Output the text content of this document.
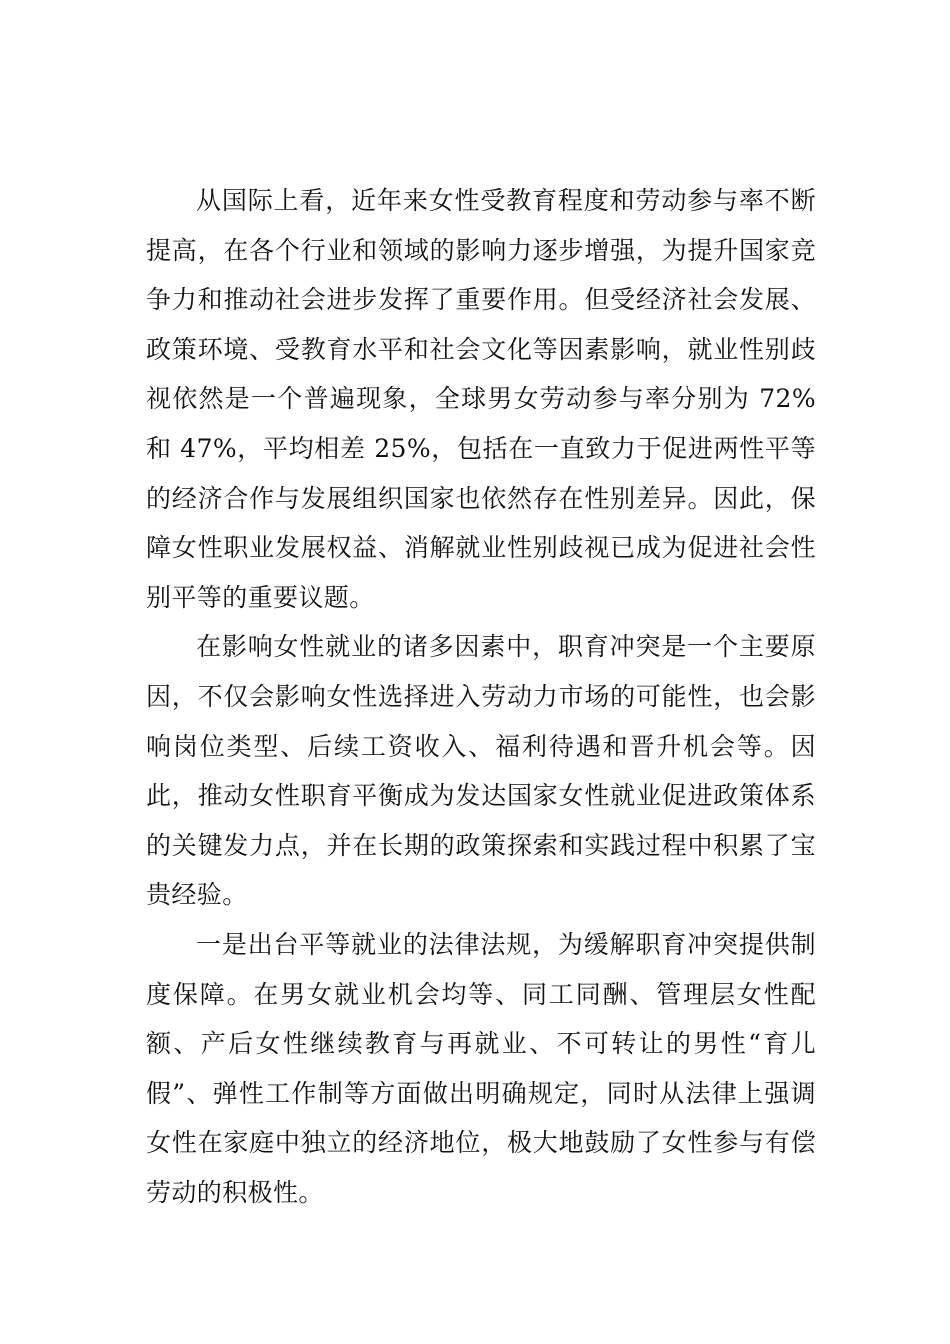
从国际上看，近年来女性受教育程度和劳动参与率不断提高，在各个行业和领域的影响力逐步增强，为提升国家竞争力和推动社会进步发挥了重要作用。但受经济社会发展、政策环境、受教育水平和社会文化等因素影响，就业性别歧视依然是一个普遍现象，全球男女劳动参与率分别为 72%和 47%，平均相差 25%，包括在一直致力于促进两性平等的经济合作与发展组织国家也依然存在性别差异。因此，保障女性职业发展权益、消解就业性别歧视已成为促进社会性别平等的重要议题。

在影响女性就业的诸多因素中，职育冲突是一个主要原因，不仅会影响女性选择进入劳动力市场的可能性，也会影响岗位类型、后续工资收入、福利待遇和晋升机会等。因此，推动女性职育平衡成为发达国家女性就业促进政策体系的关键发力点，并在长期的政策探索和实践过程中积累了宝贵经验。

一是出台平等就业的法律法规，为缓解职育冲突提供制度保障。在男女就业机会均等、同工同酬、管理层女性配额、产后女性继续教育与再就业、不可转让的男性“育儿假”、弹性工作制等方面做出明确规定，同时从法律上强调女性在家庭中独立的经济地位，极大地鼓励了女性参与有偿劳动的积极性。
